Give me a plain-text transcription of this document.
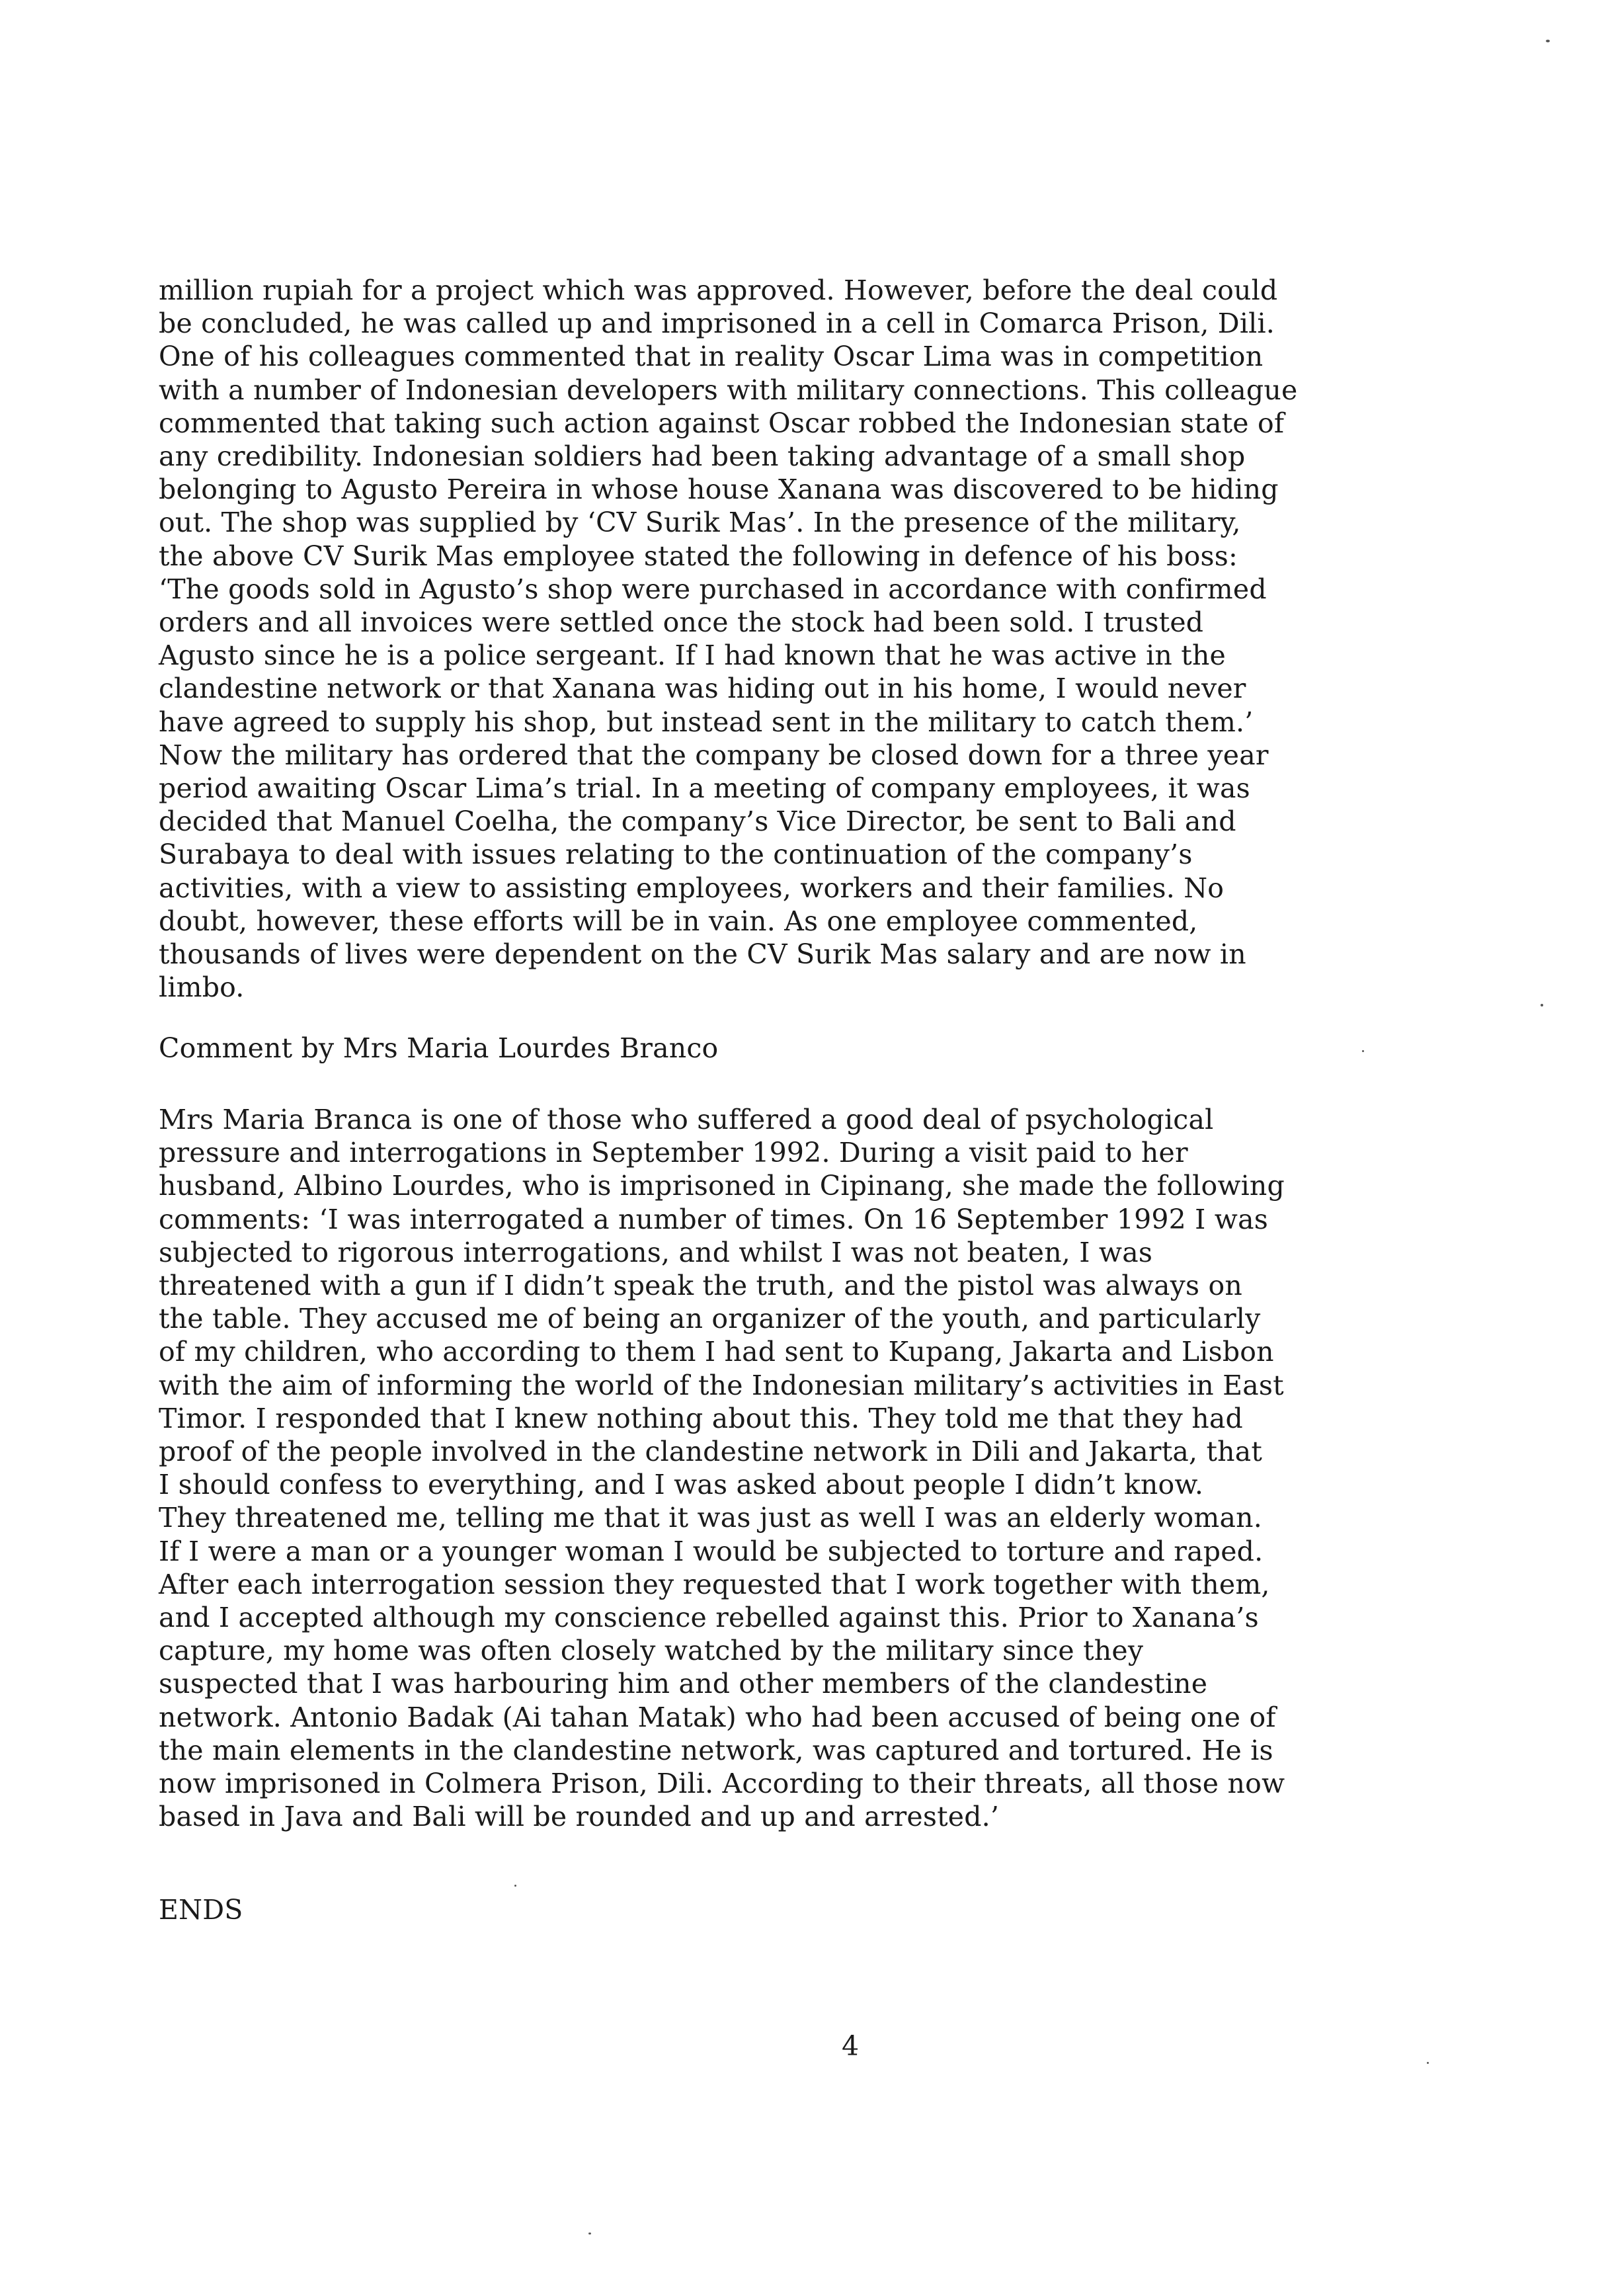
million rupiah for a project which was approved. However, before the deal could
be concluded, he was called up and imprisoned in a cell in Comarca Prison, Dili.
One of his colleagues commented that in reality Oscar Lima was in competition
with a number of Indonesian developers with military connections. This colleague
commented that taking such action against Oscar robbed the Indonesian state of
any credibility. Indonesian soldiers had been taking advantage of a small shop
belonging to Agusto Pereira in whose house Xanana was discovered to be hiding
out. The shop was supplied by ‘CV Surik Mas’. In the presence of the military,
the above CV Surik Mas employee stated the following in defence of his boss:
‘The goods sold in Agusto’s shop were purchased in accordance with confirmed
orders and all invoices were settled once the stock had been sold. I trusted
Agusto since he is a police sergeant. If I had known that he was active in the
clandestine network or that Xanana was hiding out in his home, I would never
have agreed to supply his shop, but instead sent in the military to catch them.’
Now the military has ordered that the company be closed down for a three year
period awaiting Oscar Lima’s trial. In a meeting of company employees, it was
decided that Manuel Coelha, the company’s Vice Director, be sent to Bali and
Surabaya to deal with issues relating to the continuation of the company’s
activities, with a view to assisting employees, workers and their families. No
doubt, however, these efforts will be in vain. As one employee commented,
thousands of lives were dependent on the CV Surik Mas salary and are now in
limbo.
Comment by Mrs Maria Lourdes Branco
Mrs Maria Branca is one of those who suffered a good deal of psychological
pressure and interrogations in September 1992. During a visit paid to her
husband, Albino Lourdes, who is imprisoned in Cipinang, she made the following
comments: ‘I was interrogated a number of times. On 16 September 1992 I was
subjected to rigorous interrogations, and whilst I was not beaten, I was
threatened with a gun if I didn’t speak the truth, and the pistol was always on
the table. They accused me of being an organizer of the youth, and particularly
of my children, who according to them I had sent to Kupang, Jakarta and Lisbon
with the aim of informing the world of the Indonesian military’s activities in East
Timor. I responded that I knew nothing about this. They told me that they had
proof of the people involved in the clandestine network in Dili and Jakarta, that
I should confess to everything, and I was asked about people I didn’t know.
They threatened me, telling me that it was just as well I was an elderly woman.
If I were a man or a younger woman I would be subjected to torture and raped.
After each interrogation session they requested that I work together with them,
and I accepted although my conscience rebelled against this. Prior to Xanana’s
capture, my home was often closely watched by the military since they
suspected that I was harbouring him and other members of the clandestine
network. Antonio Badak (Ai tahan Matak) who had been accused of being one of
the main elements in the clandestine network, was captured and tortured. He is
now imprisoned in Colmera Prison, Dili. According to their threats, all those now
based in Java and Bali will be rounded and up and arrested.’
ENDS
4
